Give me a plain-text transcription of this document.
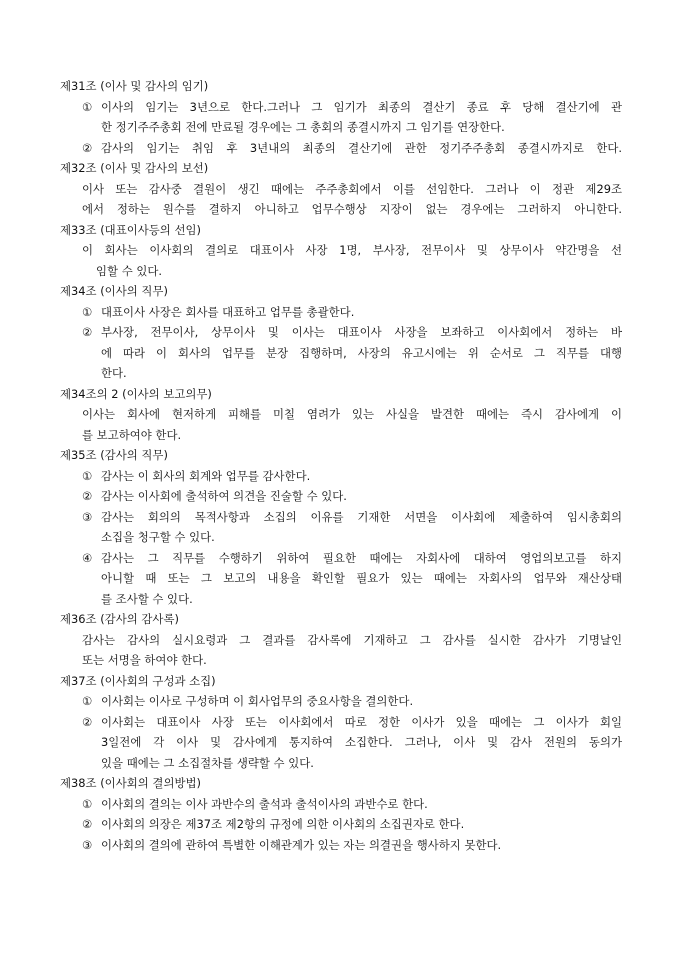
제31조 (이사 및 감사의 임기)
① 이사의 임기는 3년으로 한다.그러나 그 임기가 최종의 결산기 종료 후 당해 결산기에 관
한 정기주주총회 전에 만료될 경우에는 그 총회의 종결시까지 그 임기를 연장한다.
② 감사의 임기는 취임 후 3년내의 최종의 결산기에 관한 정기주주총회 종결시까지로 한다.
제32조 (이사 및 감사의 보선)
이사 또는 감사중 결원이 생긴 때에는 주주총회에서 이를 선임한다. 그러나 이 정관 제29조
에서 정하는 원수를 결하지 아니하고 업무수행상 지장이 없는 경우에는 그러하지 아니한다.
제33조 (대표이사등의 선임)
이 회사는 이사회의 결의로 대표이사 사장 1명, 부사장, 전무이사 및 상무이사 약간명을 선
임할 수 있다.
제34조 (이사의 직무)
① 대표이사 사장은 회사를 대표하고 업무를 총괄한다.
② 부사장, 전무이사, 상무이사 및 이사는 대표이사 사장을 보좌하고 이사회에서 정하는 바
에 따라 이 회사의 업무를 분장 집행하며, 사장의 유고시에는 위 순서로 그 직무를 대행
한다.
제34조의 2 (이사의 보고의무)
이사는 회사에 현저하게 피해를 미칠 염려가 있는 사실을 발견한 때에는 즉시 감사에게 이
를 보고하여야 한다.
제35조 (감사의 직무)
① 감사는 이 회사의 회계와 업무를 감사한다.
② 감사는 이사회에 출석하여 의견을 진술할 수 있다.
③ 감사는 회의의 목적사항과 소집의 이유를 기재한 서면을 이사회에 제출하여 임시총회의
소집을 청구할 수 있다.
④ 감사는 그 직무를 수행하기 위하여 필요한 때에는 자회사에 대하여 영업의보고를 하지
아니할 때 또는 그 보고의 내용을 확인할 필요가 있는 때에는 자회사의 업무와 재산상태
를 조사할 수 있다.
제36조 (감사의 감사록)
감사는 감사의 실시요령과 그 결과를 감사록에 기재하고 그 감사를 실시한 감사가 기명날인
또는 서명을 하여야 한다.
제37조 (이사회의 구성과 소집)
① 이사회는 이사로 구성하며 이 회사업무의 중요사항을 결의한다.
② 이사회는 대표이사 사장 또는 이사회에서 따로 정한 이사가 있을 때에는 그 이사가 회일
3일전에 각 이사 및 감사에게 통지하여 소집한다. 그러나, 이사 및 감사 전원의 동의가
있을 때에는 그 소집절차를 생략할 수 있다.
제38조 (이사회의 결의방법)
① 이사회의 결의는 이사 과반수의 출석과 출석이사의 과반수로 한다.
② 이사회의 의장은 제37조 제2항의 규정에 의한 이사회의 소집권자로 한다.
③ 이사회의 결의에 관하여 특별한 이해관계가 있는 자는 의결권을 행사하지 못한다.
